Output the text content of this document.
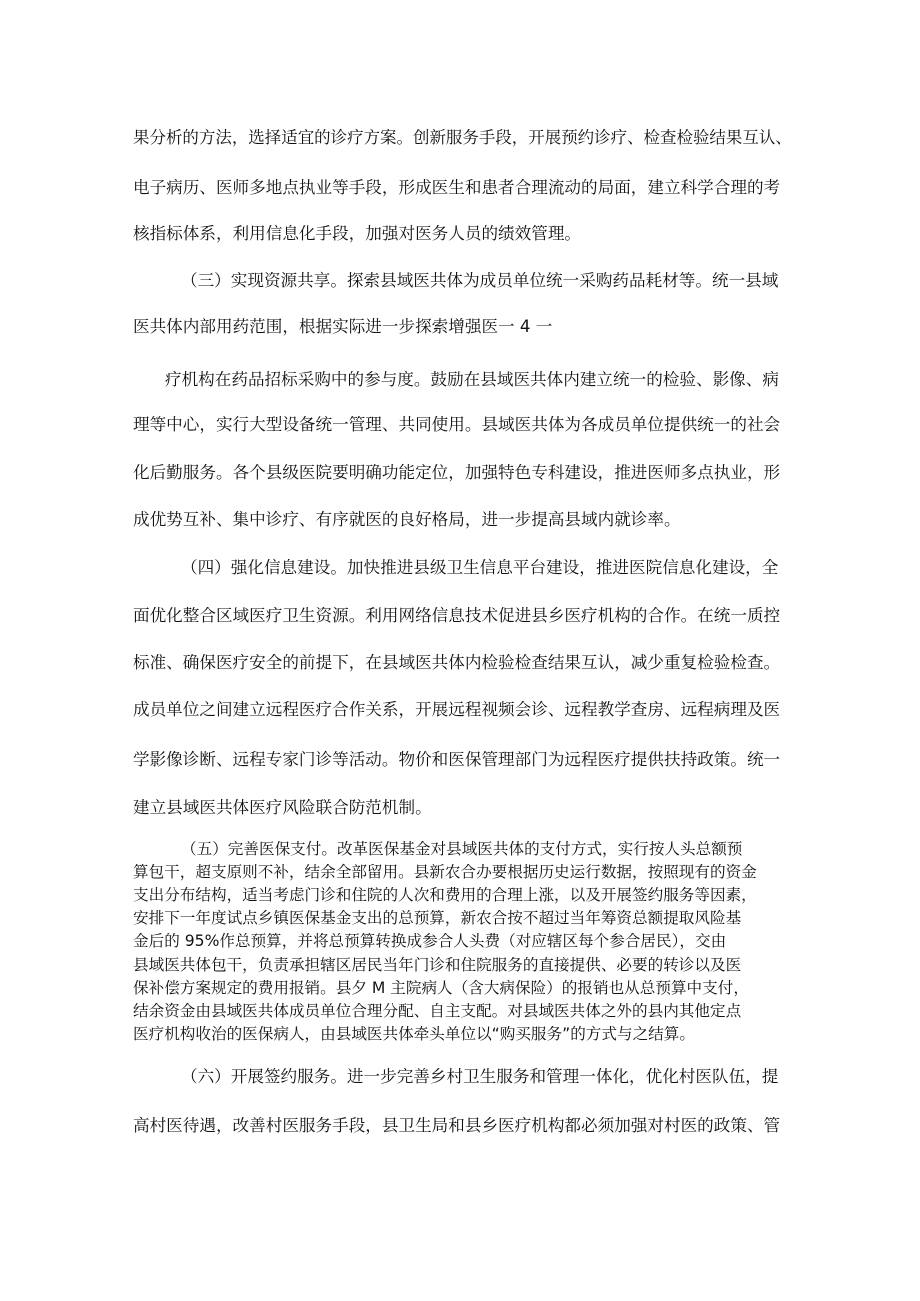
果分析的方法，选择适宜的诊疗方案。创新服务手段，开展预约诊疗、检查检验结果互认、
电子病历、医师多地点执业等手段，形成医生和患者合理流动的局面，建立科学合理的考
核指标体系，利用信息化手段，加强对医务人员的绩效管理。
（三）实现资源共享。探索县域医共体为成员单位统一采购药品耗材等。统一县域
医共体内部用药范围，根据实际进一步探索增强医一 4 一
疗机构在药品招标采购中的参与度。鼓励在县域医共体内建立统一的检验、影像、病
理等中心，实行大型设备统一管理、共同使用。县域医共体为各成员单位提供统一的社会
化后勤服务。各个县级医院要明确功能定位，加强特色专科建设，推进医师多点执业，形
成优势互补、集中诊疗、有序就医的良好格局，进一步提高县域内就诊率。
（四）强化信息建设。加快推进县级卫生信息平台建设，推进医院信息化建设，全
面优化整合区域医疗卫生资源。利用网络信息技术促进县乡医疗机构的合作。在统一质控
标准、确保医疗安全的前提下，在县域医共体内检验检查结果互认，减少重复检验检查。
成员单位之间建立远程医疗合作关系，开展远程视频会诊、远程教学查房、远程病理及医
学影像诊断、远程专家门诊等活动。物价和医保管理部门为远程医疗提供扶持政策。统一
建立县域医共体医疗风险联合防范机制。
（五）完善医保支付。改革医保基金对县域医共体的支付方式，实行按人头总额预
算包干，超支原则不补，结余全部留用。县新农合办要根据历史运行数据，按照现有的资金
支出分布结构，适当考虑门诊和住院的人次和费用的合理上涨，以及开展签约服务等因素，
安排下一年度试点乡镇医保基金支出的总预算，新农合按不超过当年筹资总额提取风险基
金后的 95%作总预算，并将总预算转换成参合人头费（对应辖区每个参合居民），交由
县域医共体包干，负责承担辖区居民当年门诊和住院服务的直接提供、必要的转诊以及医
保补偿方案规定的费用报销。县夕 M 主院病人（含大病保险）的报销也从总预算中支付，
结余资金由县域医共体成员单位合理分配、自主支配。对县域医共体之外的县内其他定点
医疗机构收治的医保病人，由县域医共体牵头单位以“购买服务”的方式与之结算。
（六）开展签约服务。进一步完善乡村卫生服务和管理一体化，优化村医队伍，提
高村医待遇，改善村医服务手段，县卫生局和县乡医疗机构都必须加强对村医的政策、管
